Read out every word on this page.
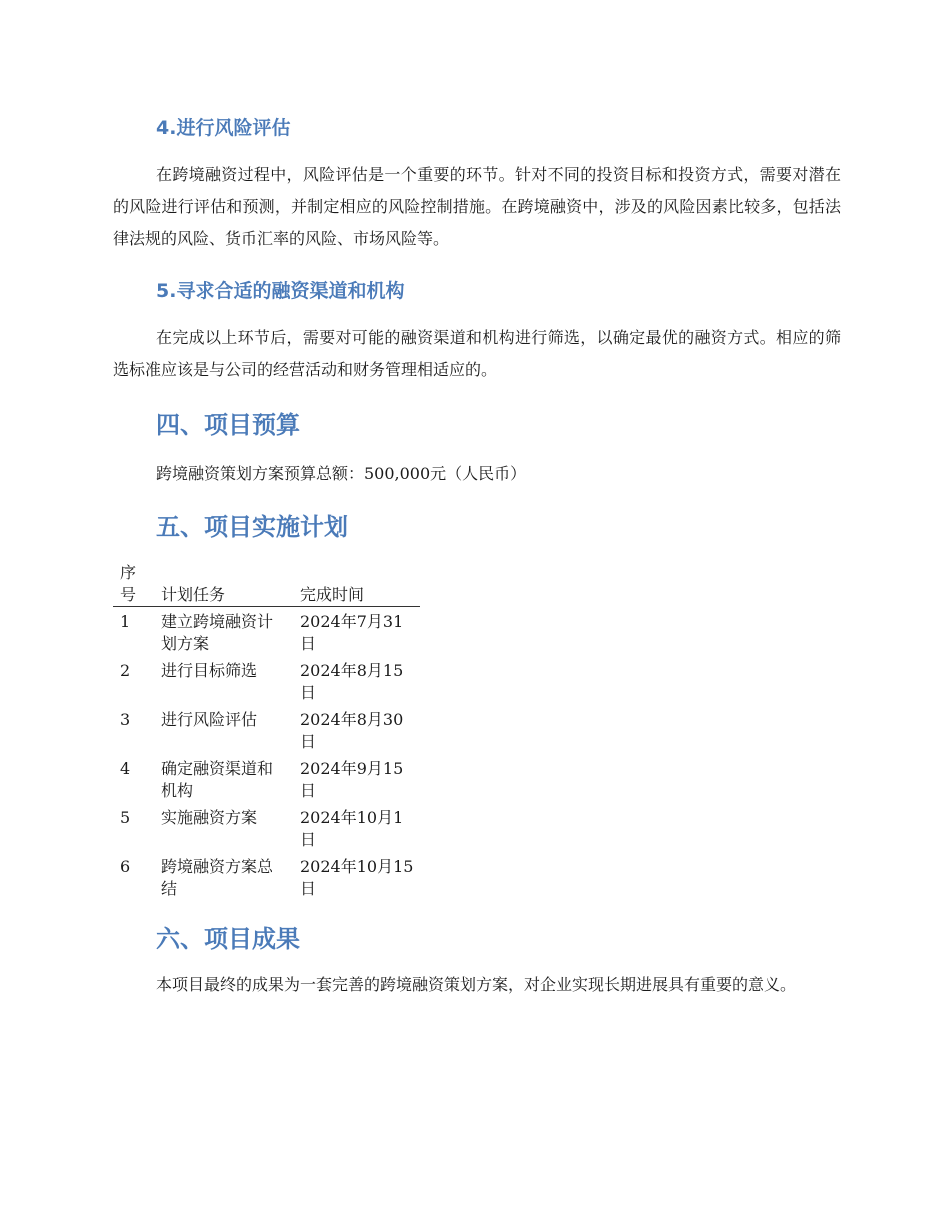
4.进行风险评估

在跨境融资过程中，风险评估是一个重要的环节。针对不同的投资目标和投资方式，需要对潜在的风险进行评估和预测，并制定相应的风险控制措施。在跨境融资中，涉及的风险因素比较多，包括法律法规的风险、货币汇率的风险、市场风险等。

5.寻求合适的融资渠道和机构

在完成以上环节后，需要对可能的融资渠道和机构进行筛选，以确定最优的融资方式。相应的筛选标准应该是与公司的经营活动和财务管理相适应的。

四、项目预算

跨境融资策划方案预算总额：500,000元（人民币）

五、项目实施计划
序号	计划任务	完成时间
1	建立跨境融资计划方案	2024年7月31日
2	进行目标筛选	2024年8月15日
3	进行风险评估	2024年8月30日
4	确定融资渠道和机构	2024年9月15日
5	实施融资方案	2024年10月1日
6	跨境融资方案总结	2024年10月15日
六、项目成果

本项目最终的成果为一套完善的跨境融资策划方案，对企业实现长期进展具有重要的意义。
